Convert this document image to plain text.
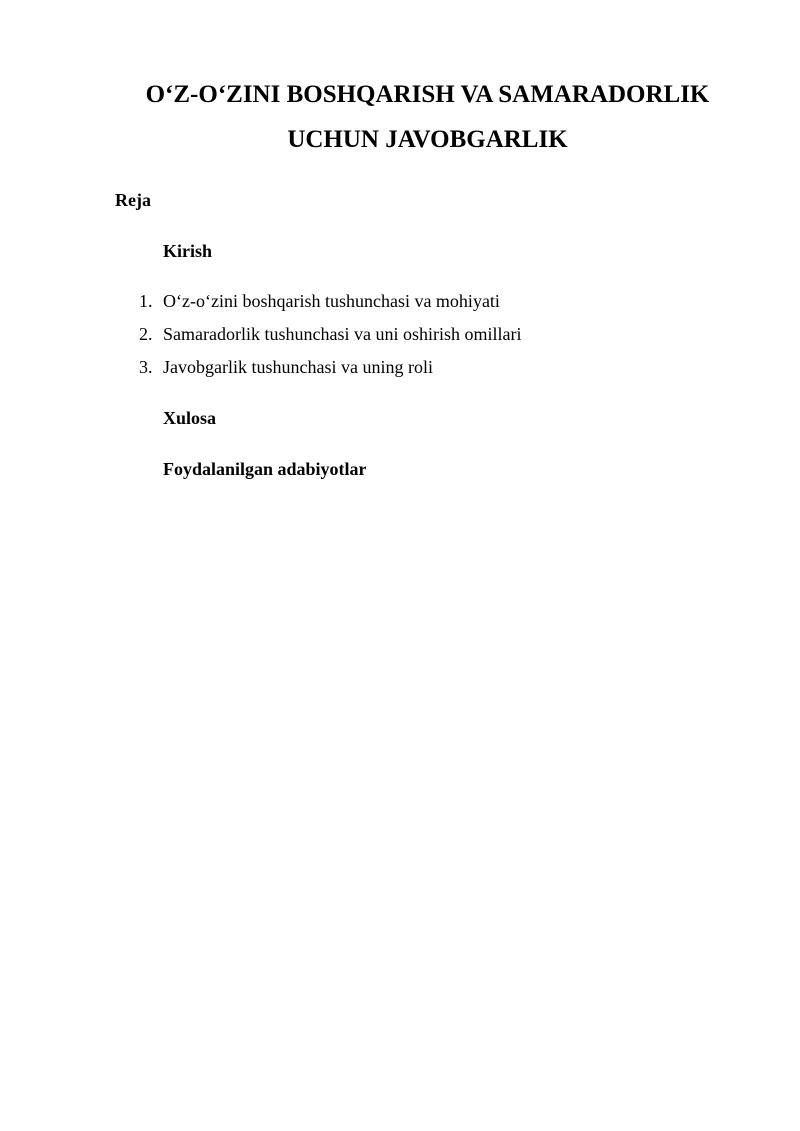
O‘Z-O‘ZINI BOSHQARISH VA SAMARADORLIK
UCHUN JAVOBGARLIK

Reja

Kirish

1. O‘z-o‘zini boshqarish tushunchasi va mohiyati
2. Samaradorlik tushunchasi va uni oshirish omillari
3. Javobgarlik tushunchasi va uning roli

Xulosa

Foydalanilgan adabiyotlar
